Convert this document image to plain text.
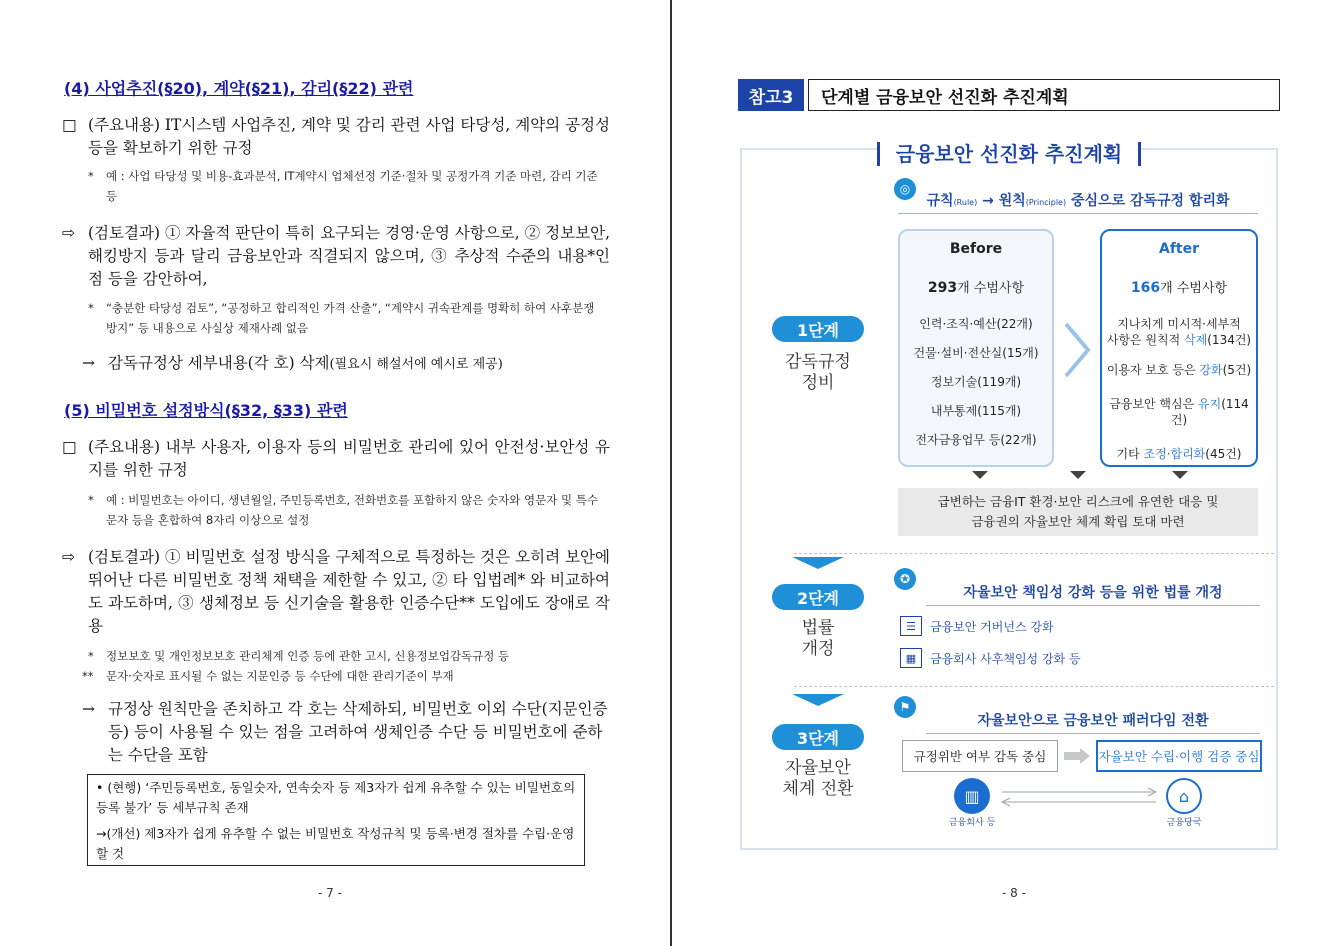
(4) 사업추진(§20), 계약(§21), 감리(§22) 관련
□ (주요내용) IT시스템 사업추진, 계약 및 감리 관련 사업 타당성, 계약의 공정성 등을 확보하기 위한 규정
*	예 : 사업 타당성 및 비용-효과분석, IT계약시 업체선정 기준·절차 및 공정가격 기준 마련, 감리 기준 등
⇨ (검토결과) ① 자율적 판단이 특히 요구되는 경영·운영 사항으로, ② 정보보안, 해킹방지 등과 달리 금융보안과 직결되지 않으며, ③ 추상적 수준의 내용*인 점 등을 감안하여,
*	“충분한 타당성 검토”, “공정하고 합리적인 가격 산출”, “계약시 귀속관계를 명확히 하여 사후분쟁 방지” 등 내용으로 사실상 제재사례 없음
→ 감독규정상 세부내용(각 호) 삭제(필요시 해설서에 예시로 제공)
(5) 비밀번호 설정방식(§32, §33) 관련
□ (주요내용) 내부 사용자, 이용자 등의 비밀번호 관리에 있어 안전성·보안성 유지를 위한 규정
*	예 : 비밀번호는 아이디, 생년월일, 주민등록번호, 전화번호를 포함하지 않은 숫자와 영문자 및 특수문자 등을 혼합하여 8자리 이상으로 설정
⇨ (검토결과) ① 비밀번호 설정 방식을 구체적으로 특정하는 것은 오히려 보안에 뛰어난 다른 비밀번호 정책 채택을 제한할 수 있고, ② 타 입법례* 와 비교하여도 과도하며, ③ 생체정보 등 신기술을 활용한 인증수단** 도입에도 장애로 작용
*	정보보호 및 개인정보보호 관리체계 인증 등에 관한 고시, 신용정보업감독규정 등
**	문자·숫자로 표시될 수 없는 지문인증 등 수단에 대한 관리기준이 부재
→ 규정상 원칙만을 존치하고 각 호는 삭제하되, 비밀번호 이외 수단(지문인증 등) 등이 사용될 수 있는 점을 고려하여 생체인증 수단 등 비밀번호에 준하는 수단을 포함
• (현행) ‘주민등록번호, 동일숫자, 연속숫자 등 제3자가 쉽게 유추할 수 있는 비밀번호의 등록 불가’ 등 세부규칙 존재
→(개선) 제3자가 쉽게 유추할 수 없는 비밀번호 작성규칙 및 등록·변경 절차를 수립·운영할 것
- 7 -
참고3	단계별 금융보안 선진화 추진계획
금융보안 선진화 추진계획
◎
규칙(Rule) → 원칙(Principle) 중심으로 감독규정 합리화
1단계
감독규정
정비
Before
293개 수범사항
인력·조직·예산(22개)
건물·설비·전산실(15개)
정보기술(119개)
내부통제(115개)
전자금융업무 등(22개)
After
166개 수범사항
지나치게 미시적·세부적
사항은 원칙적 삭제(134건)
이용자 보호 등은 강화(5건)
금융보안 핵심은 유지(114건)
기타 조정·합리화(45건)
급변하는 금융IT 환경·보안 리스크에 유연한 대응 및
금융권의 자율보안 체계 확립 토대 마련
2단계
법률
개정
✪
자율보안 책임성 강화 등을 위한 법률 개정
☰	금융보안 거버넌스 강화
▦	금융회사 사후책임성 강화 등
3단계
자율보안
체계 전환
⚑
자율보안으로 금융보안 패러다임 전환
규정위반 여부 감독 중심	자율보안 수립·이행 검증 중심
▥
금융회사 등
⌂
금융당국
- 8 -
